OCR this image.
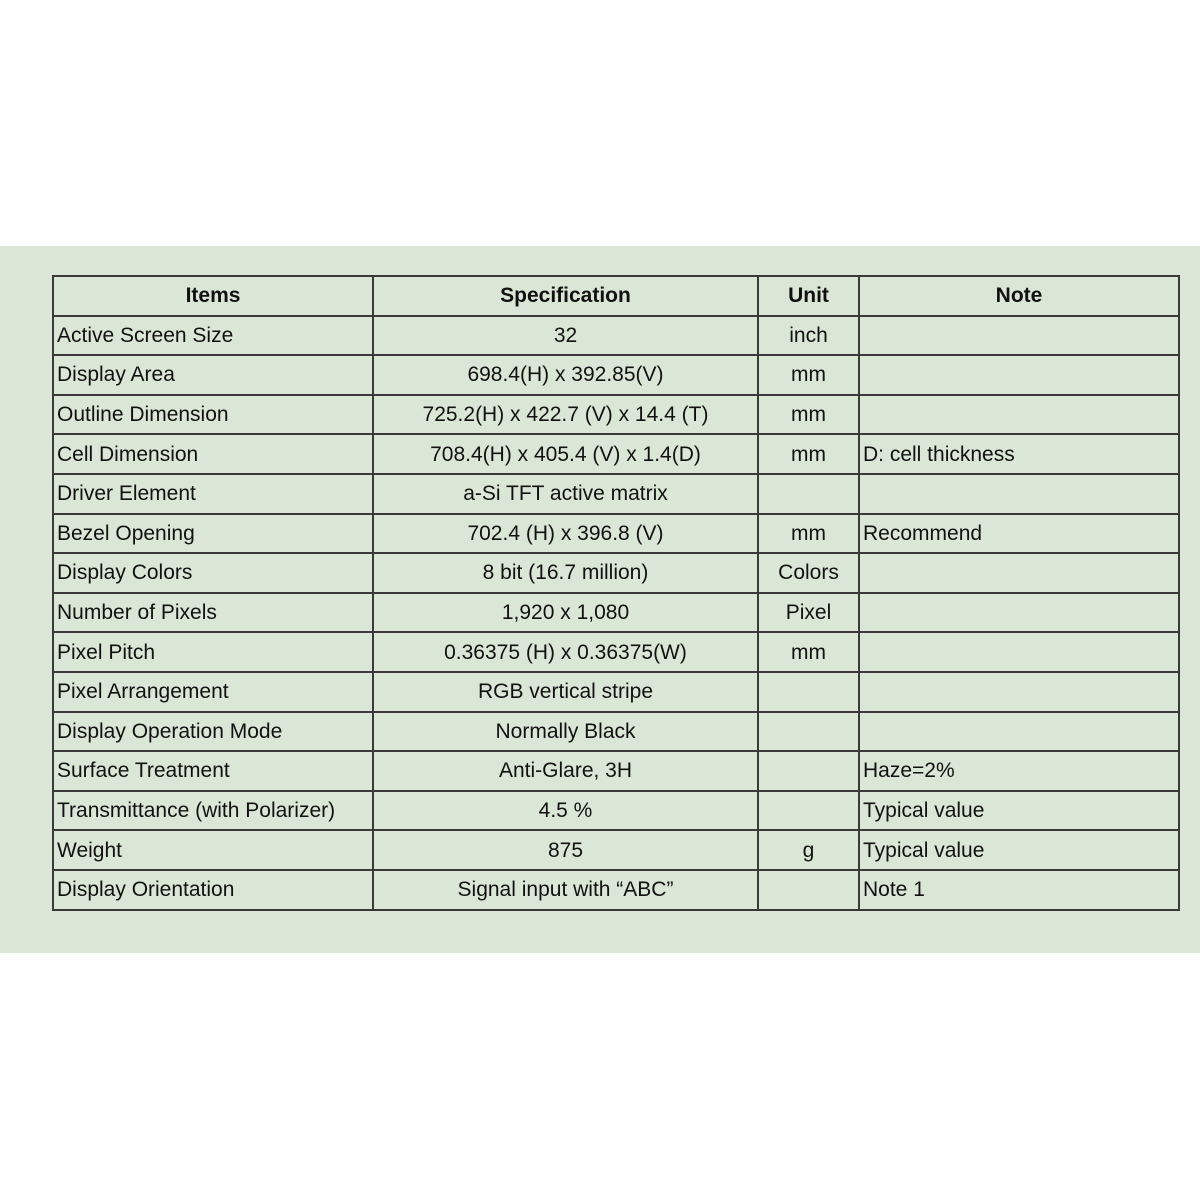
Items	Specification	Unit	Note
Active Screen Size	32	inch	
Display Area	698.4(H) x 392.85(V)	mm	
Outline Dimension	725.2(H) x 422.7 (V) x 14.4 (T)	mm	
Cell Dimension	708.4(H) x 405.4 (V) x 1.4(D)	mm	D: cell thickness
Driver Element	a-Si TFT active matrix		
Bezel Opening	702.4 (H) x 396.8 (V)	mm	Recommend
Display Colors	8 bit (16.7 million)	Colors	
Number of Pixels	1,920 x 1,080	Pixel	
Pixel Pitch	0.36375 (H) x 0.36375(W)	mm	
Pixel Arrangement	RGB vertical stripe		
Display Operation Mode	Normally Black		
Surface Treatment	Anti-Glare, 3H		Haze=2%
Transmittance (with Polarizer)	4.5 %		Typical value
Weight	875	g	Typical value
Display Orientation	Signal input with “ABC”		Note 1
